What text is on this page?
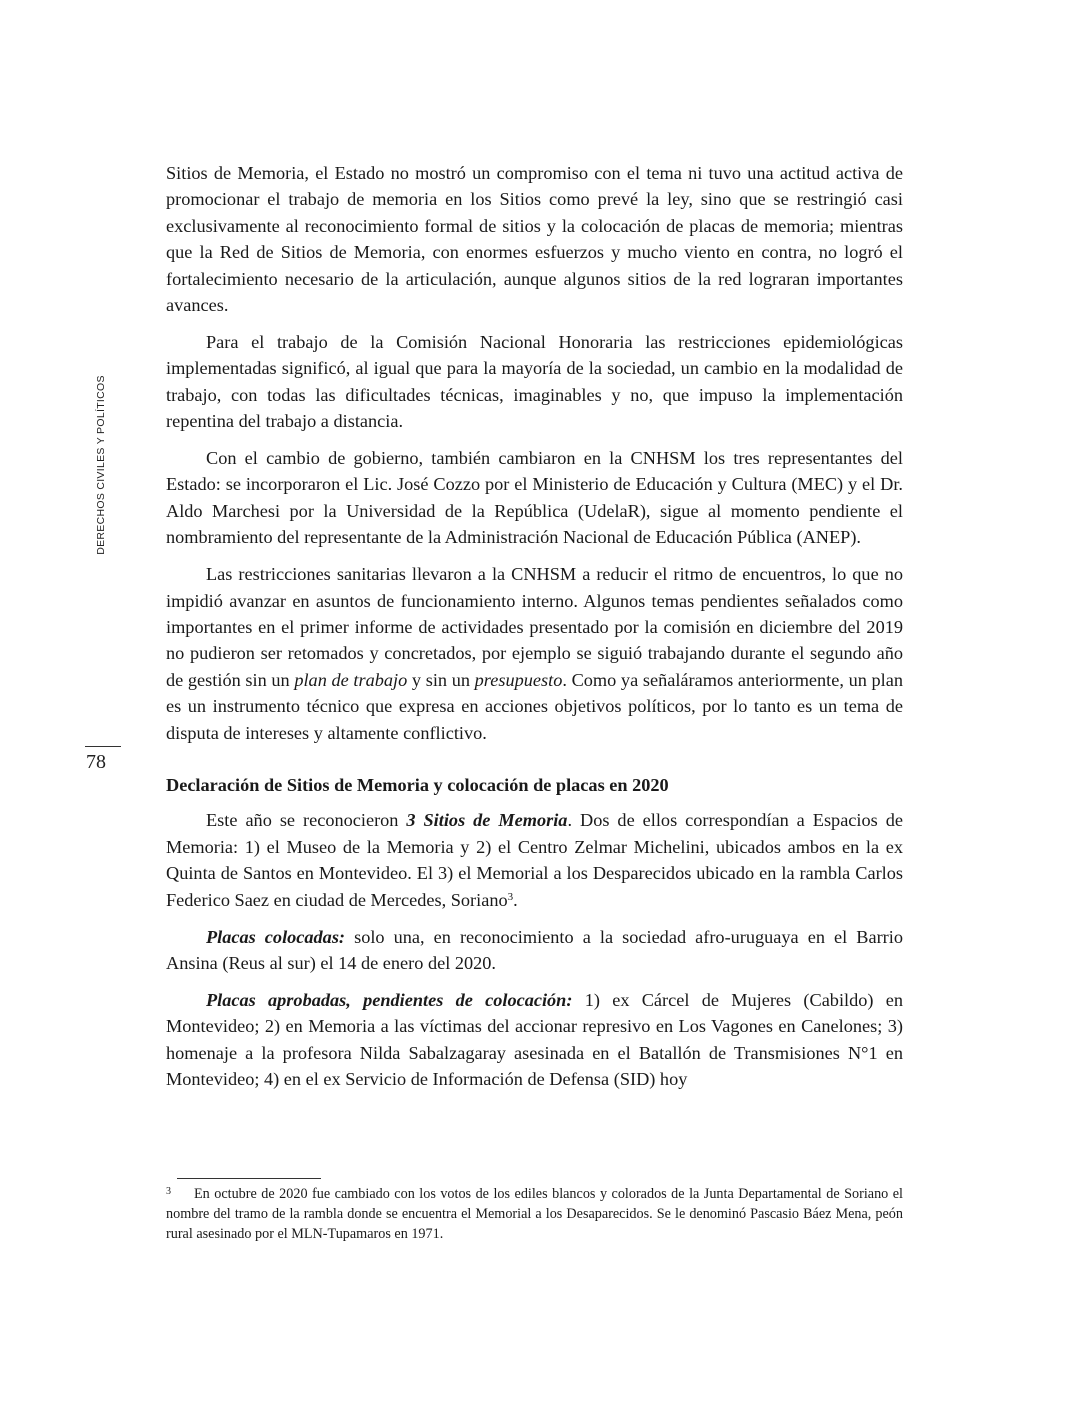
DERECHOS CIVILES Y POLÍTICOS
78

Sitios de Memoria, el Estado no mostró un compromiso con el tema ni tuvo una actitud activa de promocionar el trabajo de memoria en los Sitios como prevé la ley, sino que se restringió casi exclusivamente al reconocimiento formal de sitios y la colocación de placas de memoria; mientras que la Red de Sitios de Memoria, con enormes esfuerzos y mucho viento en contra, no logró el fortalecimiento necesario de la articulación, aunque algunos sitios de la red lograran importantes avances.

Para el trabajo de la Comisión Nacional Honoraria las restricciones epidemiológicas implementadas significó, al igual que para la mayoría de la sociedad, un cambio en la modalidad de trabajo, con todas las dificultades técnicas, imaginables y no, que impuso la implementación repentina del trabajo a distancia.

Con el cambio de gobierno, también cambiaron en la CNHSM los tres representantes del Estado: se incorporaron el Lic. José Cozzo por el Ministerio de Educación y Cultura (MEC) y el Dr. Aldo Marchesi por la Universidad de la República (UdelaR), sigue al momento pendiente el nombramiento del representante de la Administración Nacional de Educación Pública (ANEP).

Las restricciones sanitarias llevaron a la CNHSM a reducir el ritmo de encuentros, lo que no impidió avanzar en asuntos de funcionamiento interno. Algunos temas pendientes señalados como importantes en el primer informe de actividades presentado por la comisión en diciembre del 2019 no pudieron ser retomados y concretados, por ejemplo se siguió trabajando durante el segundo año de gestión sin un plan de trabajo y sin un presupuesto. Como ya señaláramos anteriormente, un plan es un instrumento técnico que expresa en acciones objetivos políticos, por lo tanto es un tema de disputa de intereses y altamente conflictivo.

Declaración de Sitios de Memoria y colocación de placas en 2020

Este año se reconocieron 3 Sitios de Memoria. Dos de ellos correspondían a Espacios de Memoria: 1) el Museo de la Memoria y 2) el Centro Zelmar Michelini, ubicados ambos en la ex Quinta de Santos en Montevideo. El 3) el Memorial a los Desparecidos ubicado en la rambla Carlos Federico Saez en ciudad de Mercedes, Soriano$^3$.

Placas colocadas: solo una, en reconocimiento a la sociedad afro-uruguaya en el Barrio Ansina (Reus al sur) el 14 de enero del 2020.

Placas aprobadas, pendientes de colocación: 1) ex Cárcel de Mujeres (Cabildo) en Montevideo; 2) en Memoria a las víctimas del accionar represivo en Los Vagones en Canelones; 3) homenaje a la profesora Nilda Sabalzagaray asesinada en el Batallón de Transmisiones N°1 en Montevideo; 4) en el ex Servicio de Información de Defensa (SID) hoy

3 En octubre de 2020 fue cambiado con los votos de los ediles blancos y colorados de la Junta Departamental de Soriano el nombre del tramo de la rambla donde se encuentra el Memorial a los Desaparecidos. Se le denominó Pascasio Báez Mena, peón rural asesinado por el MLN-Tupamaros en 1971.
